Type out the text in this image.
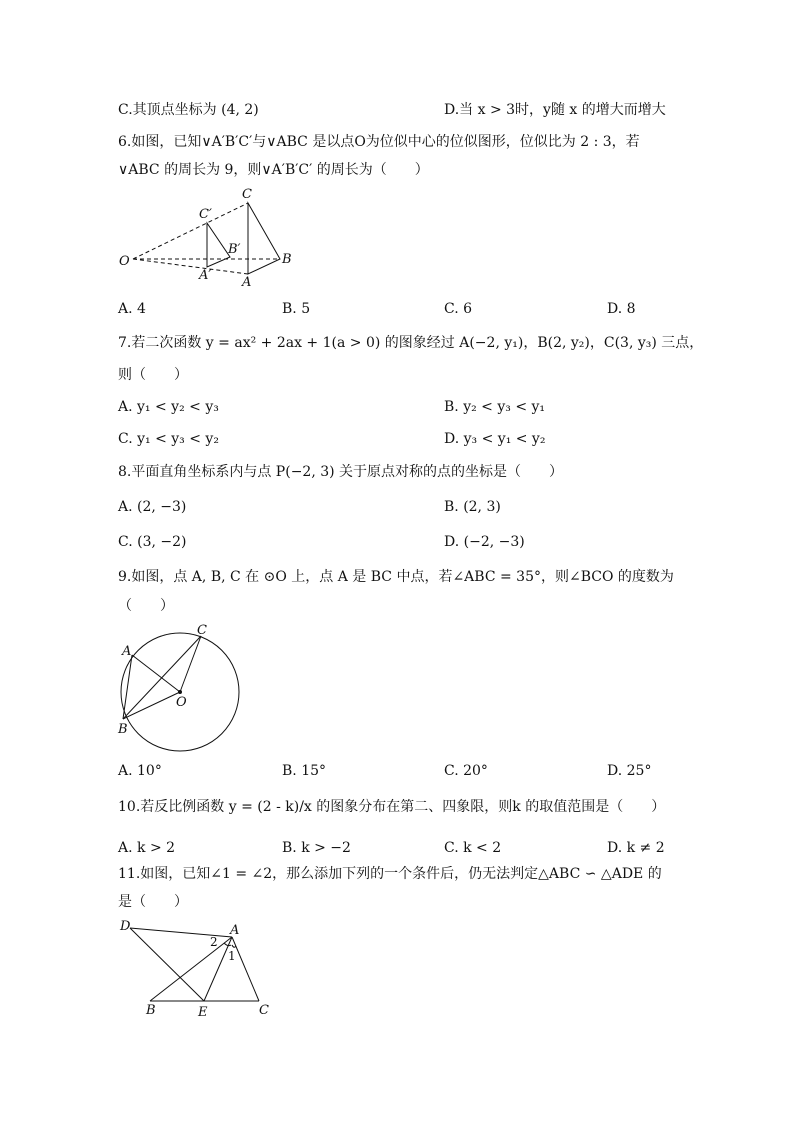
C.其顶点坐标为 (4, 2)	D.当 x > 3时，y随 x 的增大而增大
6.如图，已知∨A′B′C′与∨ABC 是以点O为位似中心的位似图形，位似比为 2 : 3，若
∨ABC 的周长为 9，则∨A′B′C′ 的周长为（　　）
O
C
C′
B′
A′ A
B
A. 4	B. 5	C. 6	D. 8
7.若二次函数 y = ax² + 2ax + 1(a > 0) 的图象经过 A(−2, y₁)，B(2, y₂)，C(3, y₃) 三点，
则（　　）
A. y₁ < y₂ < y₃	B. y₂ < y₃ < y₁
C. y₁ < y₃ < y₂	D. y₃ < y₁ < y₂
8.平面直角坐标系内与点 P(−2, 3) 关于原点对称的点的坐标是（　　）
A. (2, −3)	B. (2, 3)
C. (3, −2)	D. (−2, −3)
9.如图，点 A, B, C 在 ⊙O 上，点 A 是 BC 中点，若∠ABC = 35°，则∠BCO 的度数为
（　　）
A
C
O
B
A. 10°	B. 15°	C. 20°	D. 25°
10.若反比例函数 y = (2 - k)/x 的图象分布在第二、四象限，则k 的取值范围是（　　）
A. k > 2	B. k > −2	C. k < 2	D. k ≠ 2
11.如图，已知∠1 = ∠2，那么添加下列的一个条件后，仍无法判定△ABC ∽ △ADE 的
是（　　）
D	A
2
1
B	E	C
